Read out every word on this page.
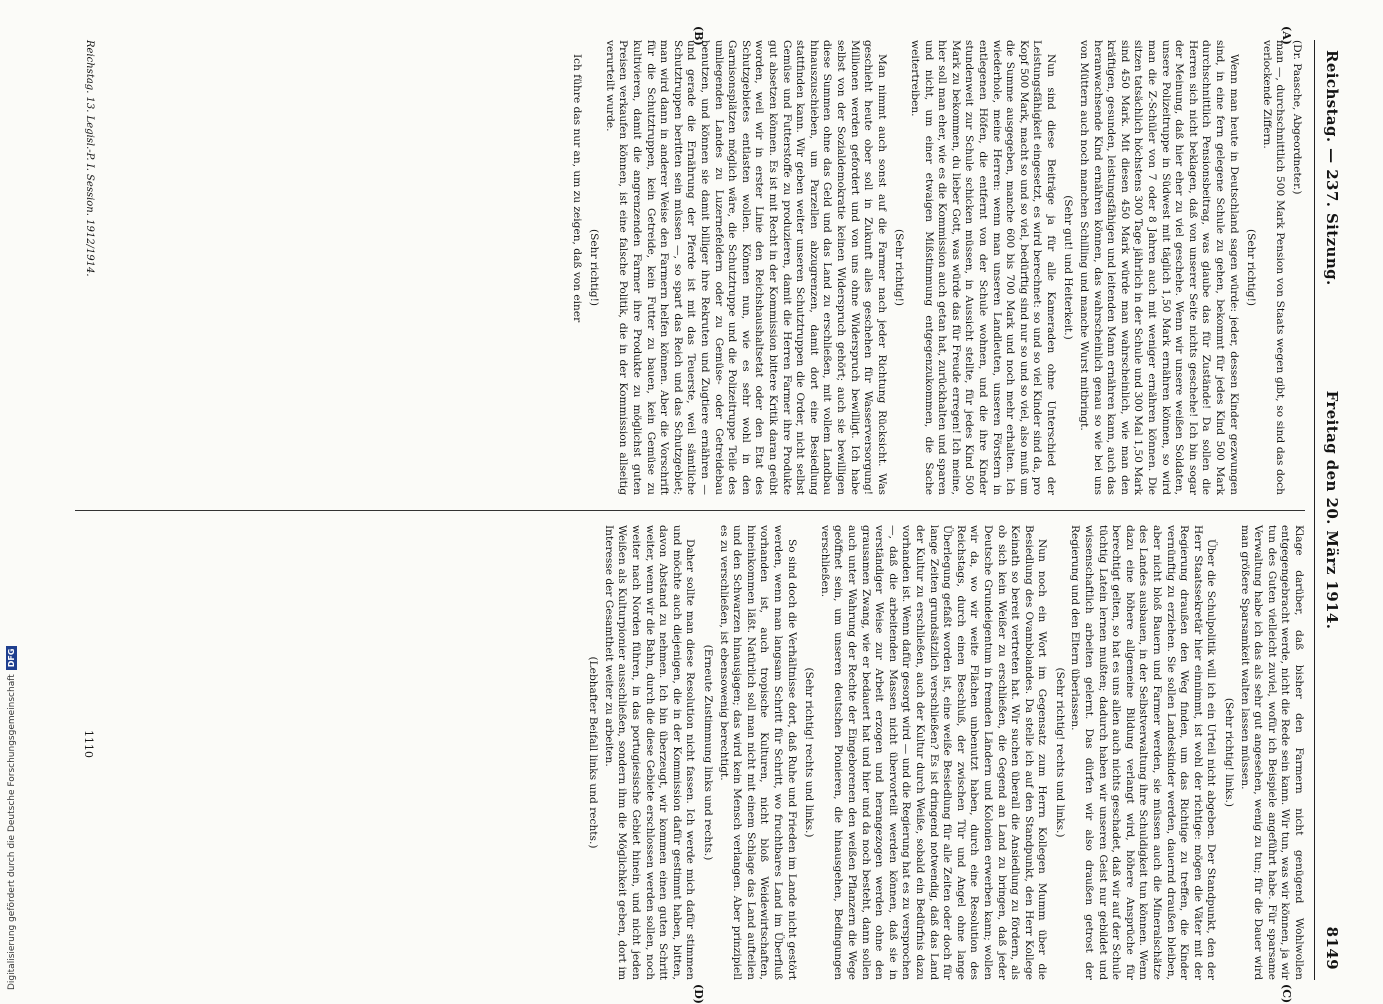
Reichstag. — 237. Sitzung.
Freitag den 20. März 1914.
8149
(A)
(B)
(C)
(D)

(Dr. Paasche, Abgeordneter.)

man —, durchschnittlich 500 Mark Pension von Staats wegen gibt, so sind das doch verlockende Ziffern.

(Sehr richtig!)

Wenn man heute in Deutschland sagen würde: jeder, dessen Kinder gezwungen sind, in eine fern gelegene Schule zu gehen, bekommt für jedes Kind 500 Mark durchschnittlich Pensionsbeitrag, was glaube das für Zustände! Da sollen die Herren sich nicht beklagen, daß von unserer Seite nichts geschehe! Ich bin sogar der Meinung, daß hier eher zu viel geschehe. Wenn wir unsere weißen Soldaten, unsere Polizeitruppe in Südwest mit täglich 1,50 Mark ernähren können, so wird man die Z-Schüler von 7 oder 8 Jahren auch mit weniger ernähren können. Die sitzen tatsächlich höchstens 300 Tage jährlich in der Schule und 300 Mal 1,50 Mark sind 450 Mark. Mit diesen 450 Mark würde man wahrscheinlich, wie man den kräftigen, gesunden, leistungsfähigen und leitenden Mann ernähren kann, auch das heranwachsende Kind ernähren können, das wahrscheinlich genau so wie bei uns von Müttern auch noch manchen Schilling und manche Wurst mitbringt.

(Sehr gut! und Heiterkeit.)

Nun sind diese Beiträge ja für alle Kameraden ohne Unterschied der Leistungsfähigkeit eingesetzt, es wird berechnet: so und so viel Kinder sind da, pro Kopf 500 Mark, macht so und so viel, bedürftig sind nur so und so viel, also muß um die Summe ausgegeben, manche 600 bis 700 Mark und noch mehr erhalten. Ich wiederhole, meine Herren: wenn man unseren Landleuten, unseren Förstern in entlegenen Höfen, die entfernt von der Schule wohnen, und die ihre Kinder stundenweit zur Schule schicken müssen, in Aussicht stellte, für jedes Kind 500 Mark zu bekommen, du lieber Gott, was würde das für Freude erregen! Ich meine, hier soll man eher, wie es die Kommission auch getan hat, zurückhalten und sparen und nicht, um einer etwaigen Mißstimmung entgegenzukommen, die Sache weitertreiben.

(Sehr richtig!)

Man nimmt auch sonst auf die Farmer nach jeder Richtung Rücksicht. Was geschieht heute ober soll in Zukunft alles geschehen für Wasserversorgung! Millionen werden gefordert und von uns ohne Widerspruch bewilligt. Ich habe selbst von der Sozialdemokratie keinen Widerspruch gehört; auch sie bewilligen diese Summen ohne das Geld und das Land zu erschließen, mit vollem Landbau hinauszuschieben, um Parzellen abzugrenzen, damit dort eine Besiedlung stattfinden kann. Wir geben weiter unseren Schutztruppen die Order, nicht selbst Gemüse und Futterstoffe zu produzieren, damit die Herren Farmer ihre Produkte gut absetzen können. Es ist mit Recht in der Kommission bittere Kritik daran geübt worden, weil wir in erster Linie den Reichshaushaltsetat oder den Etat des Schutzgebietes entlasten wollen. Können nun, wie es sehr wohl in den Garnisonsplätzen möglich wäre, die Schutztruppe und die Polizeitruppe Teile des umliegenden Landes zu Luzernefeldern oder zu Gemüse- oder Getreidebau benutzen, und können sie damit billiger ihre Rekruten und Zugtiere ernähren — und gerade die Ernährung der Pferde ist mit das Teuerste, weil sämtliche Schutztruppen beritten sein müssen —, so spart das Reich und das Schutzgebiet; man wird dann in anderer Weise den Farmern helfen können. Aber die Vorschrift für die Schutztruppen, kein Getreide, kein Futter zu bauen, kein Gemüse zu kultivieren, damit die angrenzenden Farmer ihre Produkte zu möglichst guten Preisen verkaufen können, ist eine falsche Politik, die in der Kommission allseitig verurteilt wurde.

(Sehr richtig!)

Ich führe das nur an, um zu zeigen, daß von einer

Klage darüber, daß bisher den Farmern nicht genügend Wohlwollen entgegengebracht werde, nicht die Rede sein kann. Wir tun, was wir können, ja wir tun des Guten vielleicht zuviel, wofür ich Beispiele angeführt habe. Für sparsame Verwaltung habe ich das als sehr gut angesehen, wenig zu tun; für die Dauer wird man größere Sparsamkeit walten lassen müssen.

(Sehr richtig! links.)

Über die Schulpolitik will ich ein Urteil nicht abgeben. Der Standpunkt, den der Herr Staatssekretär hier einnimmt, ist wohl der richtige: mögen die Väter mit der Regierung draußen den Weg finden, um das Richtige zu treffen, die Kinder vernünftig zu erziehen. Sie sollen Landeskinder werden, dauernd draußen bleiben, aber nicht bloß Bauern und Farmer werden, sie müssen auch die Mineralschätze des Landes ausbauen, in der Selbstverwaltung ihre Schuldigkeit tun können. Wenn dazu eine höhere allgemeine Bildung verlangt wird, höhere Ansprüche für berechtigt gelten, so hat es uns allen auch nichts geschadet, daß wir auf der Schule tüchtig Latein lernen mußten; dadurch haben wir unseren Geist nur gebildet und wissenschaftlich arbeiten gelernt. Das dürfen wir also draußen getrost der Regierung und den Eltern überlassen.

(Sehr richtig! rechts und links.)

Nun noch ein Wort im Gegensatz zum Herrn Kollegen Mumm über die Besiedlung des Ovambolandes. Da stelle ich auf den Standpunkt, den Herr Kollege Keinath so bereit vertreten hat. Wir suchen überall die Ansiedlung zu fördern, als ob sich kein Weißer zu erschließen, die Gegend an Land zu bringen, daß jeder Deutsche Grundeigentum in fremden Ländern und Kolonien erwerben kann; wollen wir da, wo wir weite Flächen unbenutzt haben, durch eine Resolution des Reichstags, durch einen Beschluß, der zwischen Tür und Angel ohne lange Überlegung gefaßt worden ist, eine weiße Besiedlung für alle Zeiten oder doch für lange Zeiten grundsätzlich verschließen? Es ist dringend notwendig, daß das Land der Kultur zu erschließen, auch der Kultur durch Weiße, sobald ein Bedürfnis dazu vorhanden ist. Wenn dafür gesorgt wird — und die Regierung hat es zu versprochen —, daß die arbeitenden Massen nicht übervorteilt werden können, daß sie in verständiger Weise zur Arbeit erzogen und herangezogen werden ohne den grausamen Zwang, wie er bedauert hat und hier und da noch besteht, dann sollen auch unter Wahrung der Rechte der Eingeborenen den weißen Pflanzern die Wege geöffnet sein, um unseren deutschen Pionieren, die hinausgehen, Bedingungen verschließen.

(Sehr richtig! rechts und links.)

So sind doch die Verhältnisse dort, daß Ruhe und Frieden im Lande nicht gestört werden, wenn man langsam Schritt für Schritt, wo fruchtbares Land im Überfluß vorhanden ist, auch tropische Kulturen, nicht bloß Weidewirtschaften, hineinkommen läßt. Natürlich soll man nicht mit einem Schlage das Land aufteilen und den Schwarzen hinausjagen; das wird kein Mensch verlangen. Aber prinzipiell es zu verschließen, ist ebensowenig berechtigt.

(Erneute Zustimmung links und rechts.)

Daher sollte man diese Resolution nicht fassen. Ich werde mich dafür stimmen und möchte auch diejenigen, die in der Kommission dafür gestimmt haben, bitten, davon Abstand zu nehmen. Ich bin überzeugt, wir kommen einen guten Schritt weiter, wenn wir die Bahn, durch die diese Gebiete erschlossen werden sollen, noch weiter nach Norden führen, in das portugiesische Gebiet hinein, und nicht jeden Weißen als Kulturpionier ausschließen, sondern ihm die Möglichkeit geben, dort im Interesse der Gesamtheit weiter zu arbeiten.

(Lebhafter Beifall links und rechts.)

Reichstag. 13. Legisl.-P. I. Session. 1912/1914.
1110
Digitalisierung gefördert durch die Deutsche Forschungsgemeinschaft
DFG
